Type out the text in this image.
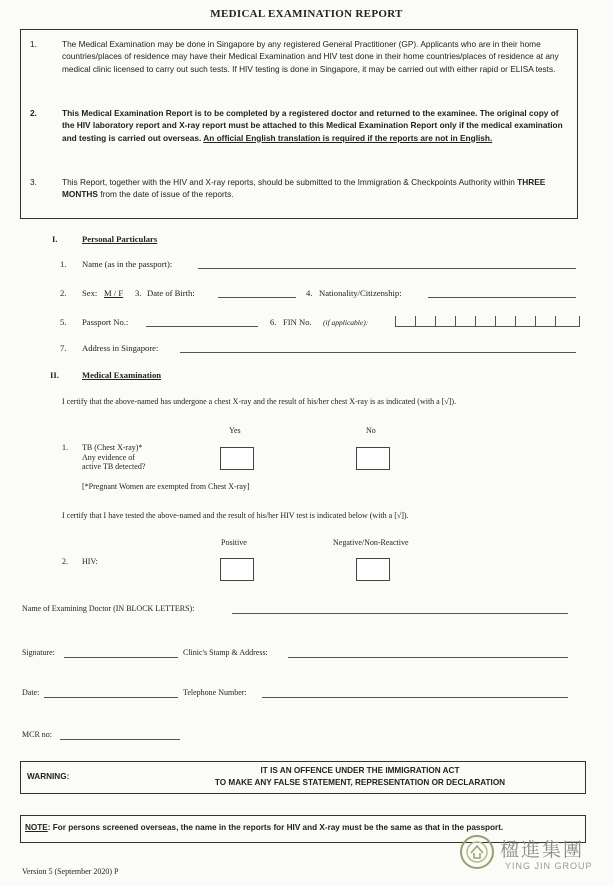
MEDICAL EXAMINATION REPORT
1.	The Medical Examination may be done in Singapore by any registered General Practitioner (GP). Applicants who are in their home countries/places of residence may have their Medical Examination and HIV test done in their home countries/places of residence at any medical clinic licensed to carry out such tests. If HIV testing is done in Singapore, it may be carried out with either rapid or ELISA tests.
2.	This Medical Examination Report is to be completed by a registered doctor and returned to the examinee. The original copy of the HIV laboratory report and X-ray report must be attached to this Medical Examination Report only if the medical examination and testing is carried out overseas. An official English translation is required if the reports are not in English.
3.	This Report, together with the HIV and X-ray reports, should be submitted to the Immigration & Checkpoints Authority within THREE MONTHS from the date of issue of the reports.
I.	Personal Particulars
1. Name (as in the passport):
2. Sex: M / F 3. Date of Birth:	4. Nationality/Citizenship:
5. Passport No.:	6. FIN No. (if applicable):
7. Address in Singapore:
II.	Medical Examination
I certify that the above-named has undergone a chest X-ray and the result of his/her chest X-ray is as indicated (with a [√]).
Yes	No
1. TB (Chest X-ray)*
Any evidence of
active TB detected?
[*Pregnant Women are exempted from Chest X-ray]
I certify that I have tested the above-named and the result of his/her HIV test is indicated below (with a [√]).
Positive	Negative/Non-Reactive
2. HIV:
Name of Examining Doctor (IN BLOCK LETTERS):
Signature:	Clinic's Stamp & Address:
Date:	Telephone Number:
MCR no:
WARNING:
IT IS AN OFFENCE UNDER THE IMMIGRATION ACT
TO MAKE ANY FALSE STATEMENT, REPRESENTATION OR DECLARATION
NOTE: For persons screened overseas, the name in the reports for HIV and X-ray must be the same as that in the passport.
Version 5 (September 2020) P
楹進集團
YING JIN GROUP
